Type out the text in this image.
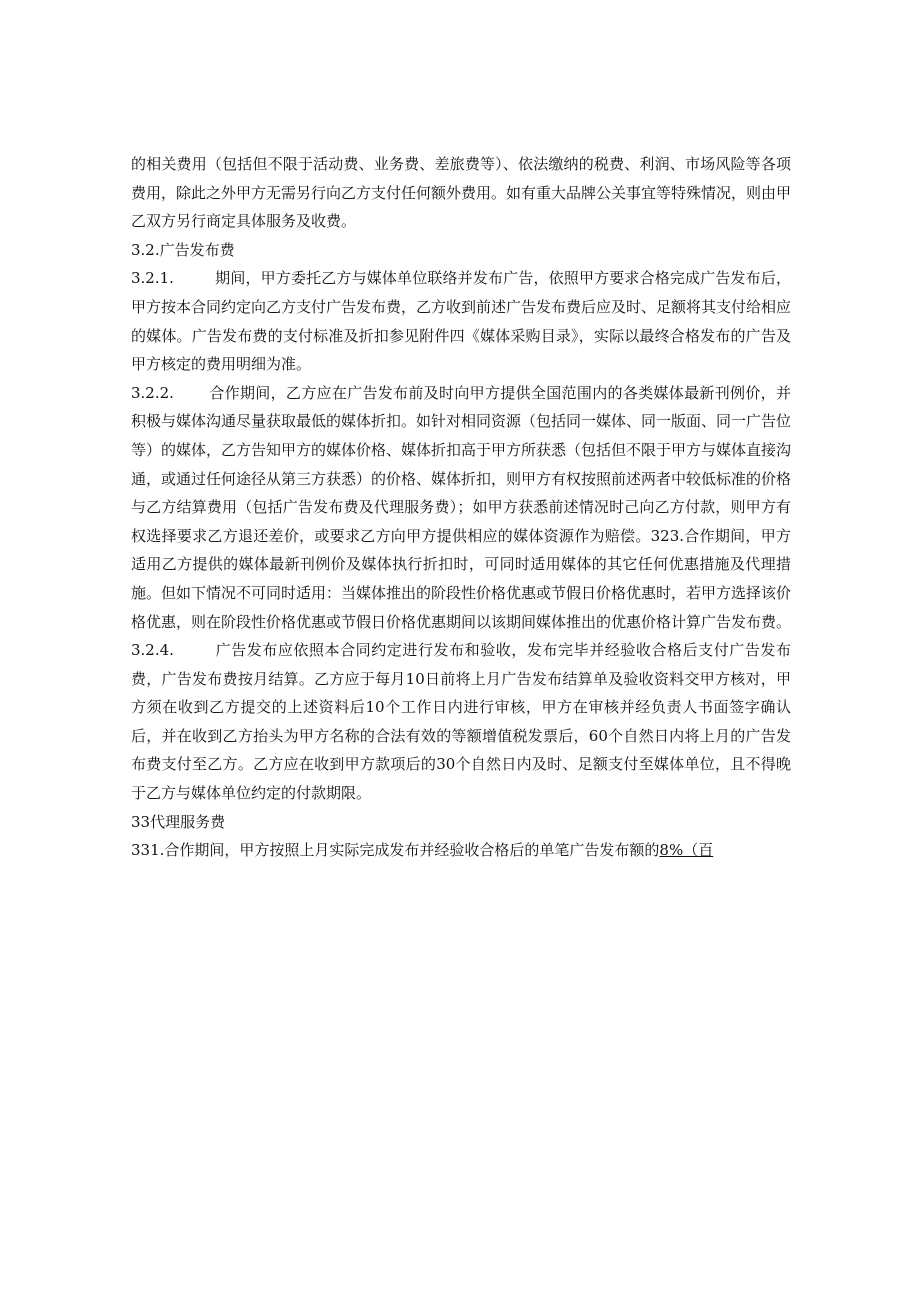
的相关费用（包括但不限于活动费、业务费、差旅费等）、依法缴纳的税费、利润、市场风险等各项费用，除此之外甲方无需另行向乙方支付任何额外费用。如有重大品牌公关事宜等特殊情况，则由甲乙双方另行商定具体服务及收费。

3.2.广告发布费

3.2.1.	期间，甲方委托乙方与媒体单位联络并发布广告，依照甲方要求合格完成广告发布后，甲方按本合同约定向乙方支付广告发布费，乙方收到前述广告发布费后应及时、足额将其支付给相应的媒体。广告发布费的支付标准及折扣参见附件四《媒体采购目录》，实际以最终合格发布的广告及甲方核定的费用明细为准。

3.2.2. 合作期间，乙方应在广告发布前及时向甲方提供全国范围内的各类媒体最新刊例价，并积极与媒体沟通尽量获取最低的媒体折扣。如针对相同资源（包括同一媒体、同一版面、同一广告位等）的媒体，乙方告知甲方的媒体价格、媒体折扣高于甲方所获悉（包括但不限于甲方与媒体直接沟通，或通过任何途径从第三方获悉）的价格、媒体折扣，则甲方有权按照前述两者中较低标准的价格与乙方结算费用（包括广告发布费及代理服务费）；如甲方获悉前述情况时己向乙方付款，则甲方有权选择要求乙方退还差价，或要求乙方向甲方提供相应的媒体资源作为赔偿。323.合作期间，甲方适用乙方提供的媒体最新刊例价及媒体执行折扣时，可同时适用媒体的其它任何优惠措施及代理措施。但如下情况不可同时适用：当媒体推出的阶段性价格优惠或节假日价格优惠时，若甲方选择该价格优惠，则在阶段性价格优惠或节假日价格优惠期间以该期间媒体推出的优惠价格计算广告发布费。

3.2.4.	广告发布应依照本合同约定进行发布和验收，发布完毕并经验收合格后支付广告发布费，广告发布费按月结算。乙方应于每月10日前将上月广告发布结算单及验收资料交甲方核对，甲方须在收到乙方提交的上述资料后10个工作日内进行审核，甲方在审核并经负责人书面签字确认后，并在收到乙方抬头为甲方名称的合法有效的等额增值税发票后，60个自然日内将上月的广告发布费支付至乙方。乙方应在收到甲方款项后的30个自然日内及时、足额支付至媒体单位，且不得晚于乙方与媒体单位约定的付款期限。

33代理服务费

331.合作期间，甲方按照上月实际完成发布并经验收合格后的单笔广告发布额的8%（百
